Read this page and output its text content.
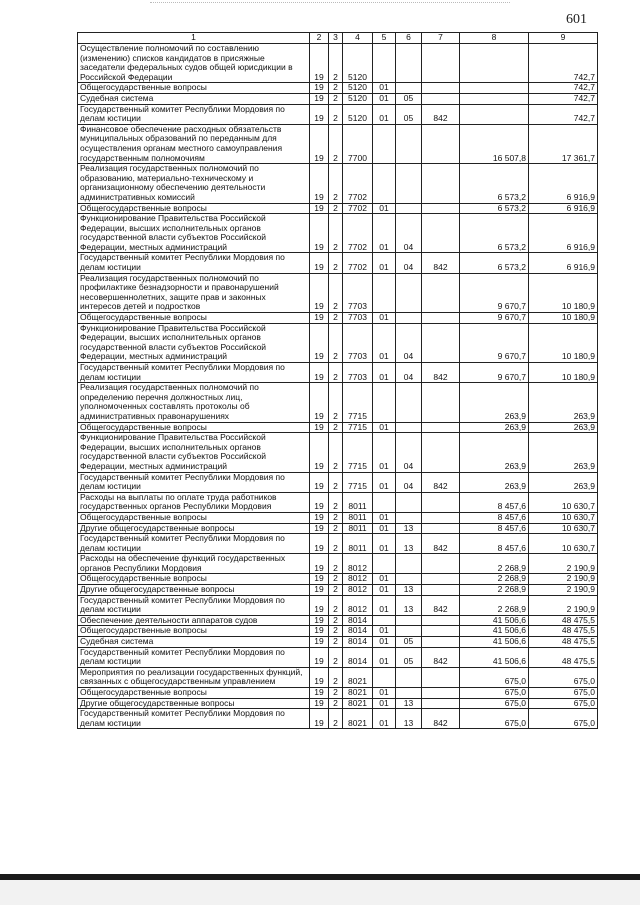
601
1	2	3	4	5	6	7	8	9
Осуществление полномочий по составлению (изменению) списков кандидатов в присяжные заседатели федеральных судов общей юрисдикции в Российской Федерации	19	2	5120					742,7
Общегосударственные вопросы	19	2	5120	01				742,7
Судебная система	19	2	5120	01	05			742,7
Государственный комитет Республики Мордовия по делам юстиции	19	2	5120	01	05	842		742,7
Финансовое обеспечение расходных обязательств муниципальных образований по переданным для осуществления органам местного самоуправления государственным полномочиям	19	2	7700				16 507,8	17 361,7
Реализация государственных полномочий по образованию, материально-техническому и организационному обеспечению деятельности административных комиссий	19	2	7702				6 573,2	6 916,9
Общегосударственные вопросы	19	2	7702	01			6 573,2	6 916,9
Функционирование Правительства Российской Федерации, высших исполнительных органов государственной власти субъектов Российской Федерации, местных администраций	19	2	7702	01	04		6 573,2	6 916,9
Государственный комитет Республики Мордовия по делам юстиции	19	2	7702	01	04	842	6 573,2	6 916,9
Реализация государственных полномочий по профилактике безнадзорности и правонарушений несовершеннолетних, защите прав и законных интересов детей и подростков	19	2	7703				9 670,7	10 180,9
Общегосударственные вопросы	19	2	7703	01			9 670,7	10 180,9
Функционирование Правительства Российской Федерации, высших исполнительных органов государственной власти субъектов Российской Федерации, местных администраций	19	2	7703	01	04		9 670,7	10 180,9
Государственный комитет Республики Мордовия по делам юстиции	19	2	7703	01	04	842	9 670,7	10 180,9
Реализация государственных полномочий по определению перечня должностных лиц, уполномоченных составлять протоколы об административных правонарушениях	19	2	7715				263,9	263,9
Общегосударственные вопросы	19	2	7715	01			263,9	263,9
Функционирование Правительства Российской Федерации, высших исполнительных органов государственной власти субъектов Российской Федерации, местных администраций	19	2	7715	01	04		263,9	263,9
Государственный комитет Республики Мордовия по делам юстиции	19	2	7715	01	04	842	263,9	263,9
Расходы на выплаты по оплате труда работников государственных органов Республики Мордовия	19	2	8011				8 457,6	10 630,7
Общегосударственные вопросы	19	2	8011	01			8 457,6	10 630,7
Другие общегосударственные вопросы	19	2	8011	01	13		8 457,6	10 630,7
Государственный комитет Республики Мордовия по делам юстиции	19	2	8011	01	13	842	8 457,6	10 630,7
Расходы на обеспечение функций государственных органов Республики Мордовия	19	2	8012				2 268,9	2 190,9
Общегосударственные вопросы	19	2	8012	01			2 268,9	2 190,9
Другие общегосударственные вопросы	19	2	8012	01	13		2 268,9	2 190,9
Государственный комитет Республики Мордовия по делам юстиции	19	2	8012	01	13	842	2 268,9	2 190,9
Обеспечение деятельности аппаратов судов	19	2	8014				41 506,6	48 475,5
Общегосударственные вопросы	19	2	8014	01			41 506,6	48 475,5
Судебная система	19	2	8014	01	05		41 506,6	48 475,5
Государственный комитет Республики Мордовия по делам юстиции	19	2	8014	01	05	842	41 506,6	48 475,5
Мероприятия по реализации государственных функций, связанных с общегосударственным управлением	19	2	8021				675,0	675,0
Общегосударственные вопросы	19	2	8021	01			675,0	675,0
Другие общегосударственные вопросы	19	2	8021	01	13		675,0	675,0
Государственный комитет Республики Мордовия по делам юстиции	19	2	8021	01	13	842	675,0	675,0
